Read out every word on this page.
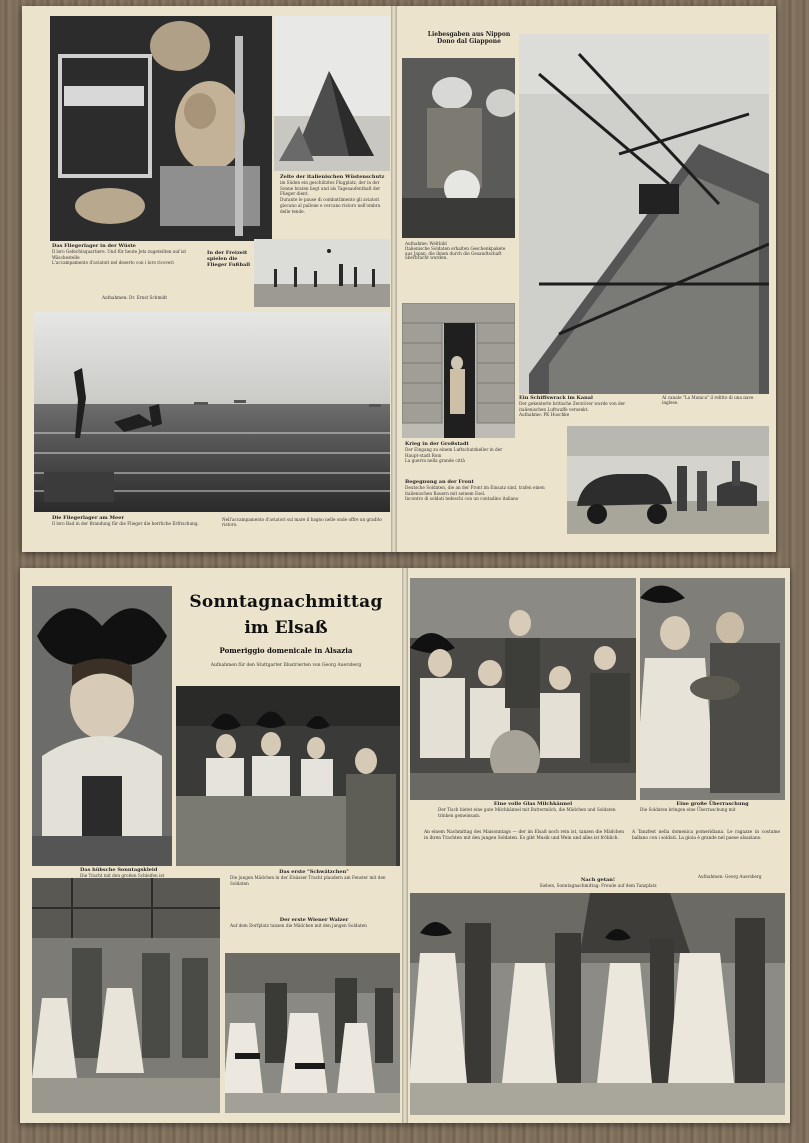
Zelte der italienischen Wüstenschutz
im Süden ein geschütztes Flugplatz, der in der Sonne braten liegt und als Tagesaufenthalt der Flieger dient.
Durante le pause di combattimento gli aviatori giocano al pallone e cercano ristoro nell'ombra delle tende.
Das Fliegerlager in der Wüste
Il loro Gefechtsquartiere. Und für heute Jets zugeteilten auf ist Wäschestelle
L'accampamento d'aviatori nel deserto con i loro ricoveri
In der Freizeit spielen die Flieger Fußball
Aufnahmen: Dr. Ernst Schmidt
Die Fliegerlager am Meer
Il loro Bad in der Brandung für die Flieger die herrliche Erfrischung.
Nell'accampamento d'aviatori sul mare il bagno nelle onde offre un gradito ristoro.
Liebesgaben aus Nippon
Dono dal Giappone
Aufnahme: Weltbild
Italienische Soldaten erhalten Geschenkpakete aus Japan, die ihnen durch die Gesandtschaft überbracht wurden.
Ein Schiffswrack im Kanal
Der gekenterte britische Zerstörer wurde von der italienischen Luftwaffe versenkt.
Aufnahme: PK Huschke
Al canale "La Manica" il relitto di una nave inglese.
Krieg in der Großstadt
Der Eingang zu einem Luftschutzkeller in der Haupt-stadt Rom
La guerra nella grande città
Begegnung an der Front
Deutsche Soldaten, die an der Front im Einsatz sind, trafen einen italienischen Bauern mit seinem Esel.
Incontro di soldati tedeschi con un contadino italiano
Das hübsche Sonntagskleid
Die Tracht mit den großen Schleifen ist
Sonntagnachmittag
im Elsaß
Pomeriggio domenicale in Alsazia
Aufnahmen für den Stuttgarter Illustrierten von Georg Auersberg
Das erste "Schwätzchen"
Die jungen Mädchen in der Elsässer Tracht plaudern am Fenster mit den Soldaten
Der erste Wiener Walzer
Auf dem Dorfplatz tanzen die Mädchen mit den jungen Soldaten
Eine volle Glas Milchkännel
Der Tisch bietet eine gute Milchkännel mit Buttermilch, die Mädchen und Soldaten trinken gemeinsam.
Eine große Überraschung
Die Soldaten bringen eine Überraschung mit
An einem Nachmittag des Maisonntags — der im Elsaß noch rein ist, tanzen die Mädchen in ihren Trachten mit den jungen Soldaten. Es gibt Musik und Wein und alles ist fröhlich.
A Tanzfest nella domenica pomeridiana. Le ragazze in costume ballano con i soldati. La gioia è grande nel paese alsaziano.
Aufnahmen: Georg Auersberg
Nach getan!
Sieben, Sonntagnachmittag: Freude auf dem Tanzplatz
